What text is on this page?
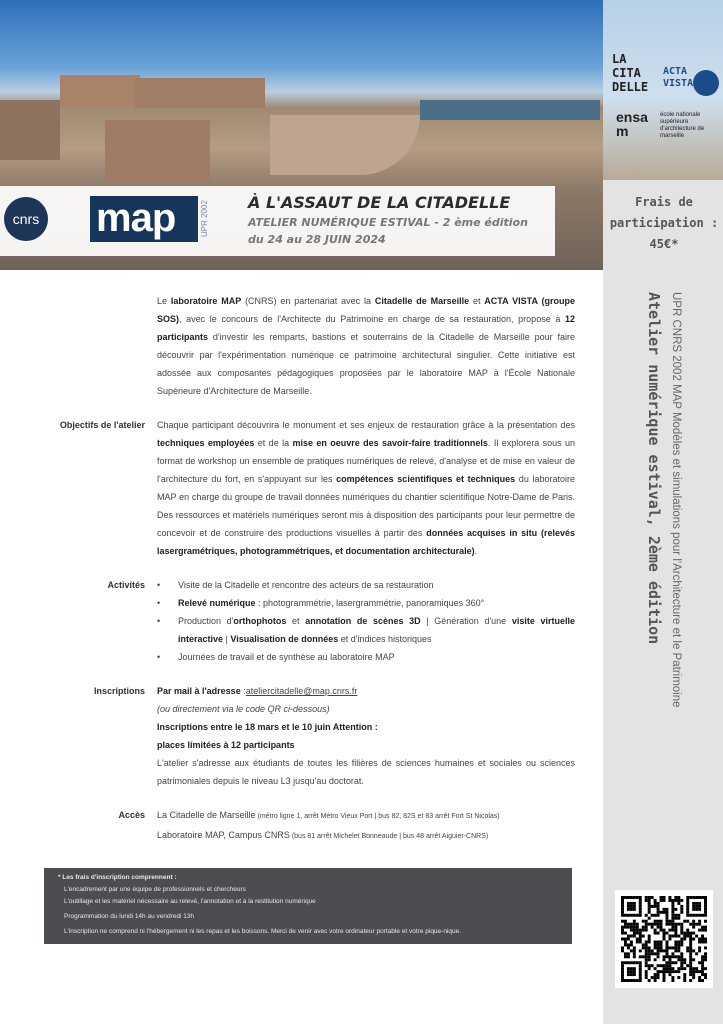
LA CITA DELLE
ACTA VISTA
ensa m
école nationale supérieure d'architecture de marseille
cnrs map	UPR 2002 À L'ASSAUT DE LA CITADELLE
ATELIER NUMÉRIQUE ESTIVAL - 2 ème édition
du 24 au 28 JUIN 2024
Frais de
participation :
45€*
UPR CNRS 2002 MAP Modèles et simulations pour l'Architecture et le Patrimoine
Atelier numérique estival, 2ème édition
Le laboratoire MAP (CNRS) en partenariat avec la Citadelle de Marseille et ACTA VISTA (groupe SOS), avec le concours de l'Architecte du Patrimoine en charge de sa restauration, propose à 12 participants d'investir les remparts, bastions et souterrains de la Citadelle de Marseille pour faire découvrir par l'expérimentation numérique ce patrimoine architectural singulier. Cette initiative est adossée aux composantes pédagogiques proposées par le laboratoire MAP à l'École Nationale Supérieure d'Architecture de Marseille.
Objectifs de l'atelier Chaque participant découvrira le monument et ses enjeux de restauration grâce à la présentation des techniques employées et de la mise en oeuvre des savoir-faire traditionnels. Il explorera sous un format de workshop un ensemble de pratiques numériques de relevé, d'analyse et de mise en valeur de l'architecture du fort, en s'appuyant sur les compétences scientifiques et techniques du laboratoire MAP en charge du groupe de travail données numériques du chantier scientifique Notre-Dame de Paris. Des ressources et matériels numériques seront mis à disposition des participants pour leur permettre de concevoir et de construire des productions visuelles à partir des données acquises in situ (relevés lasergramétriques, photogrammétriques, et documentation architecturale).
Activités	• Visite de la Citadelle et rencontre des acteurs de sa restauration
• Relevé numérique : photogrammétrie, lasergrammétrie, panoramiques 360°
• Production d'orthophotos et annotation de scènes 3D | Génération d'une visite virtuelle interactive | Visualisation de données et d'indices historiques
• Journées de travail et de synthèse au laboratoire MAP
Inscriptions Par mail à l'adresse :ateliercitadelle@map.cnrs.fr
(ou directement via le code QR ci-dessous)
Inscriptions entre le 18 mars et le 10 juin Attention :
places limitées à 12 participants
L'atelier s'adresse aux étudiants de toutes les filières de sciences humaines et sociales ou sciences patrimoniales depuis le niveau L3 jusqu'au doctorat.
Accès La Citadelle de Marseille (métro ligne 1, arrêt Métro Vieux Port | bus 82, 82S et 83 arrêt Fort St Nicolas)
Laboratoire MAP, Campus CNRS (bus 81 arrêt Michelet Bonneaude | bus 48 arrêt Aiguier-CNRS)

* Les frais d'inscription comprennent :

L'encadrement par une équipe de professionnels et chercheurs

L'outillage et les matériel nécessaire au relevé, l'annotation et à la restitution numérique

Programmation du lundi 14h au vendredi 13h

L'inscription ne comprend ni l'hébergement ni les repas et les boissons. Merci de venir avec votre ordinateur portable et votre pique-nique.
